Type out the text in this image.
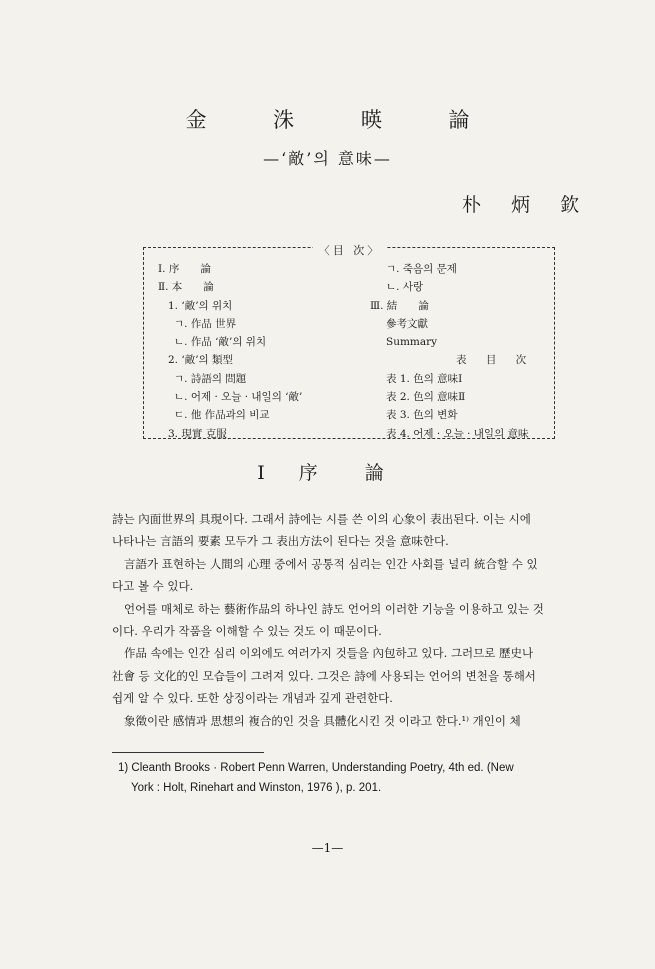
金 洙 暎 論
—‘敵’의 意味—
朴 炳 欽
〈目 次〉
Ⅰ. 序　　論
Ⅱ. 本　　論
1. ‘敵’의 위치
ㄱ. 作品 世界
ㄴ. 作品 ‘敵’의 위치
2. ‘敵’의 類型
ㄱ. 詩語의 問題
ㄴ. 어제 · 오늘 · 내일의 ‘敵’
ㄷ. 他 作品과의 비교
3. 現實 克服
ㄱ. 죽음의 문제
ㄴ. 사랑
Ⅲ. 結　　論
參考文獻
Summary
表 目 次
表 1. 色의 意味Ⅰ
表 2. 色의 意味Ⅱ
表 3. 色의 변화
表 4. 어제 · 오늘 · 내일의 意味
Ⅰ 序　論

詩는 內面世界의 具現이다. 그래서 詩에는 시를 쓴 이의 心象이 表出된다. 이는 시에

나타나는 言語의 要素 모두가 그 表出方法이 된다는 것을 意味한다.

言語가 표현하는 人間의 心理 중에서 공통적 심리는 인간 사회를 널리 統合할 수 있

다고 볼 수 있다.

언어를 매체로 하는 藝術作品의 하나인 詩도 언어의 이러한 기능을 이용하고 있는 것

이다. 우리가 작품을 이해할 수 있는 것도 이 때문이다.

作品 속에는 인간 심리 이외에도 여러가지 것들을 內包하고 있다. 그러므로 歷史나

社會 등 文化的인 모습들이 그려져 있다. 그것은 詩에 사용되는 언어의 변천을 통해서

쉽게 알 수 있다. 또한 상징이라는 개념과 깊게 관련한다.

象徵이란 感情과 思想의 複合的인 것을 具體化시킨 것 이라고 한다.¹⁾ 개인이 체

1) Cleanth Brooks · Robert Penn Warren, Understanding Poetry, 4th ed. (New
York : Holt, Rinehart and Winston, 1976 ), p. 201.
—1—
